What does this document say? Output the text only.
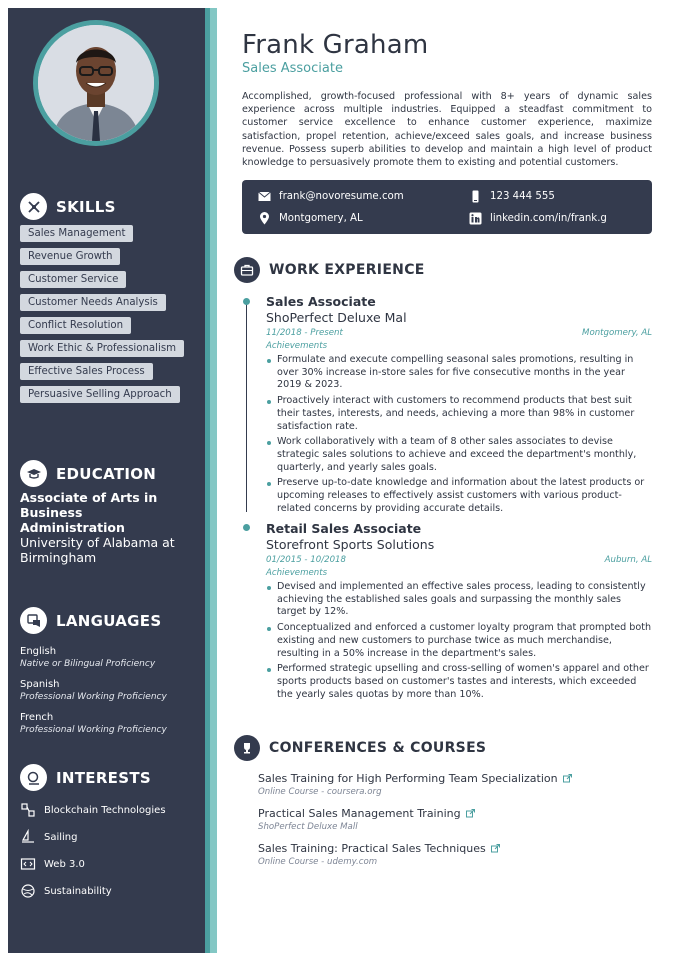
SKILLS
Sales Management
Revenue Growth
Customer Service
Customer Needs Analysis
Conflict Resolution
Work Ethic & Professionalism
Effective Sales Process
Persuasive Selling Approach
EDUCATION
Associate of Arts in Business Administration
University of Alabama at Birmingham
LANGUAGES
English
Native or Bilingual Proficiency
Spanish
Professional Working Proficiency
French
Professional Working Proficiency
INTERESTS
Blockchain Technologies
Sailing
Web 3.0
Sustainability
Frank Graham
Sales Associate
Accomplished, growth-focused professional with 8+ years of dynamic sales experience across multiple industries. Equipped a steadfast commitment to customer service excellence to enhance customer experience, maximize satisfaction, propel retention, achieve/exceed sales goals, and increase business revenue. Possess superb abilities to develop and maintain a high level of product knowledge to persuasively promote them to existing and potential customers.
frank@novoresume.com	123 444 555
Montgomery, AL	linkedin.com/in/frank.g
WORK EXPERIENCE
Sales Associate
ShoPerfect Deluxe Mal
11/2018 - Present	Montgomery, AL
Achievements
Formulate and execute compelling seasonal sales promotions, resulting in over 30% increase in-store sales for five consecutive months in the year 2019 & 2023.
Proactively interact with customers to recommend products that best suit their tastes, interests, and needs, achieving a more than 98% in customer satisfaction rate.
Work collaboratively with a team of 8 other sales associates to devise strategic sales solutions to achieve and exceed the department's monthly, quarterly, and yearly sales goals.
Preserve up-to-date knowledge and information about the latest products or upcoming releases to effectively assist customers with various product-related concerns by providing accurate details.
Retail Sales Associate
Storefront Sports Solutions
01/2015 - 10/2018	Auburn, AL
Achievements
Devised and implemented an effective sales process, leading to consistently achieving the established sales goals and surpassing the monthly sales target by 12%.
Conceptualized and enforced a customer loyalty program that prompted both existing and new customers to purchase twice as much merchandise, resulting in a 50% increase in the department's sales.
Performed strategic upselling and cross-selling of women's apparel and other sports products based on customer's tastes and interests, which exceeded the yearly sales quotas by more than 10%.
CONFERENCES & COURSES
Sales Training for High Performing Team Specialization
Online Course - coursera.org
Practical Sales Management Training
ShoPerfect Deluxe Mall
Sales Training: Practical Sales Techniques
Online Course - udemy.com
